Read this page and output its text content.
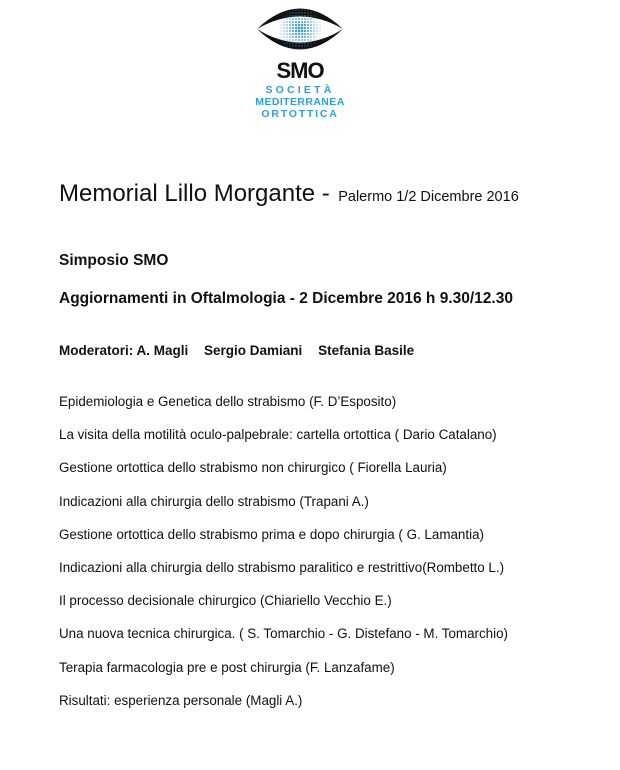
SMO
SOCIETÀ
MEDITERRANEA
ORTOTTICA
Memorial Lillo Morgante - Palermo 1/2 Dicembre 2016
Simposio SMO
Aggiornamenti in Oftalmologia - 2 Dicembre 2016 h 9.30/12.30
Moderatori: A. Magli Sergio Damiani Stefania Basile
Epidemiologia e Genetica dello strabismo (F. D’Esposito)
La visita della motilità oculo-palpebrale: cartella ortottica ( Dario Catalano)
Gestione ortottica dello strabismo non chirurgico ( Fiorella Lauria)
Indicazioni alla chirurgia dello strabismo (Trapani A.)
Gestione ortottica dello strabismo prima e dopo chirurgia ( G. Lamantia)
Indicazioni alla chirurgia dello strabismo paralitico e restrittivo(Rombetto L.)
Il processo decisionale chirurgico (Chiariello Vecchio E.)
Una nuova tecnica chirurgica. ( S. Tomarchio - G. Distefano - M. Tomarchio)
Terapia farmacologia pre e post chirurgia (F. Lanzafame)
Risultati: esperienza personale (Magli A.)
